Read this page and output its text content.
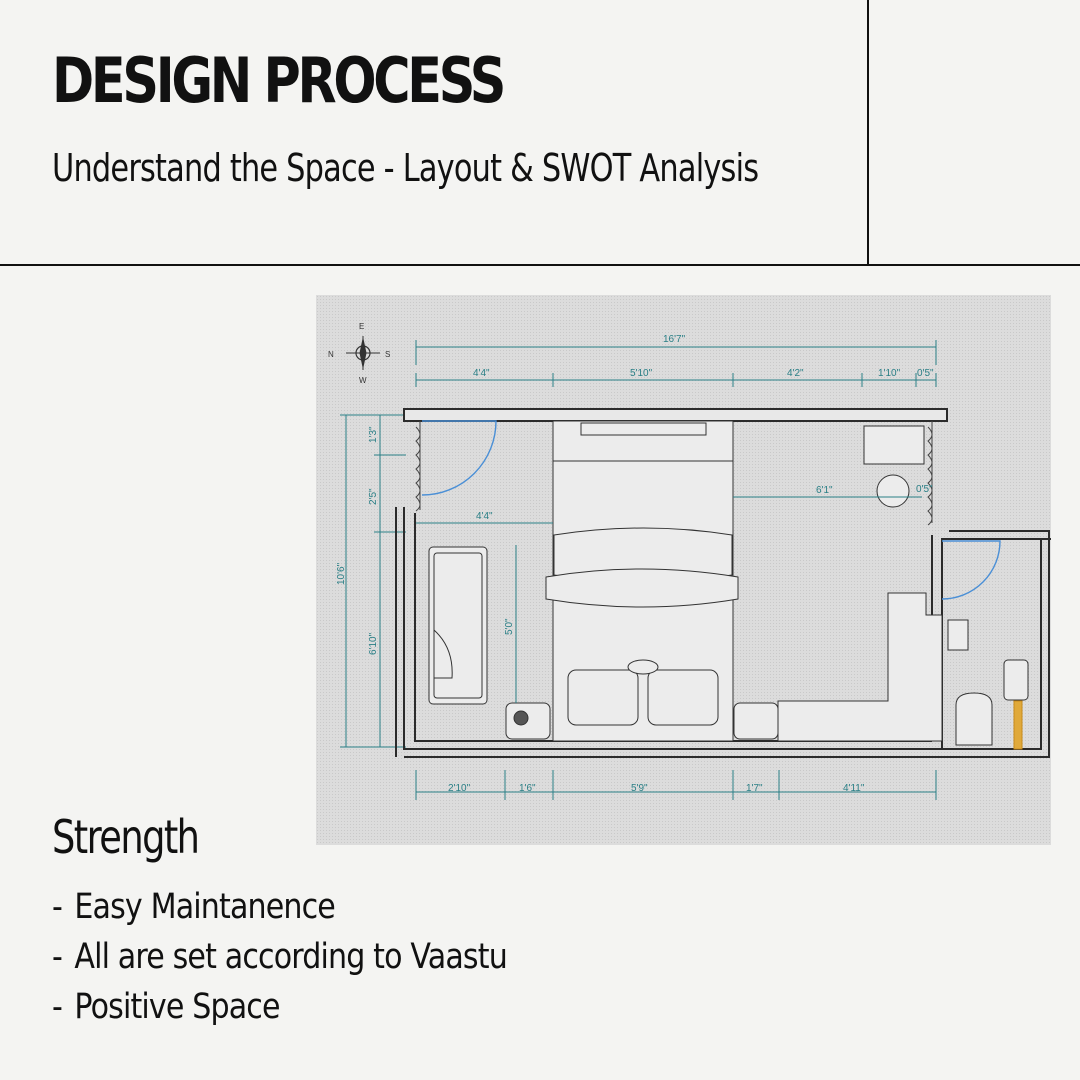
DESIGN PROCESS
Understand the Space - Layout & SWOT Analysis
N
E
S
W
16'7"
4'4"	5'10"	4'2"	1'10" 0'5"
10'6"
1'3"
2'5"
6'10"
2'10"	1'6"	5'9"	1'7"	4'11"
4'4"
5'0"
6'1"	0'5"
Strength
- Easy Maintanence
- All are set according to Vaastu
- Positive Space
